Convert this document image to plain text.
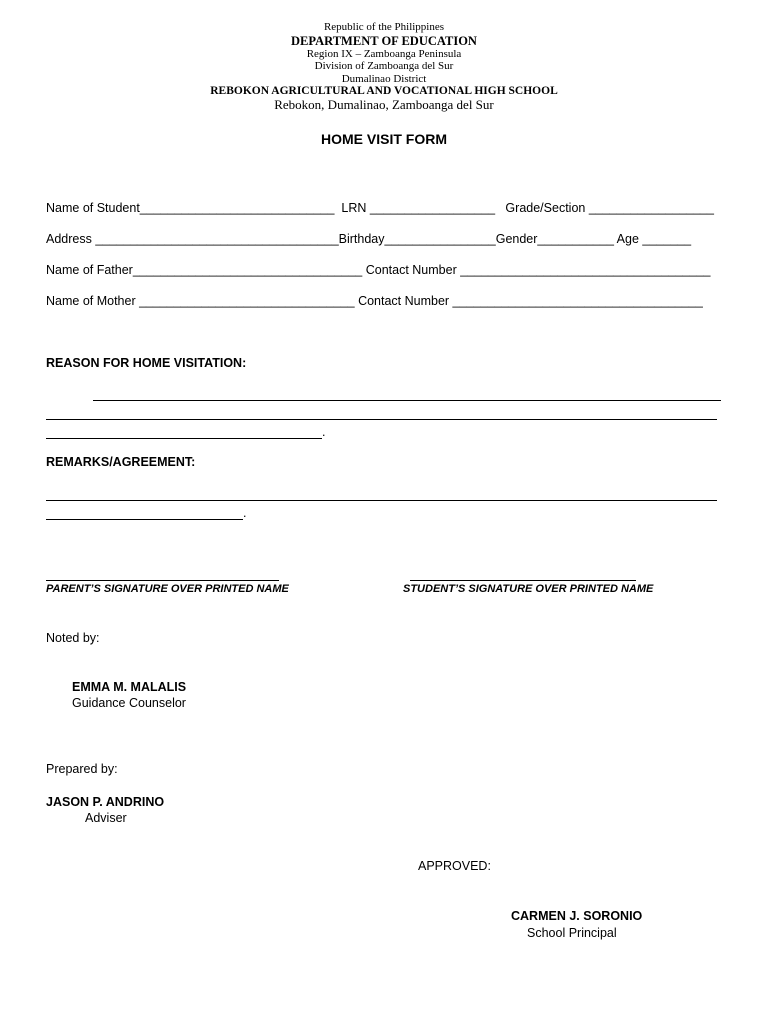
Republic of the Philippines
DEPARTMENT OF EDUCATION
Region IX – Zamboanga Peninsula
Division of Zamboanga del Sur
Dumalinao District
REBOKON AGRICULTURAL AND VOCATIONAL HIGH SCHOOL
Rebokon, Dumalinao, Zamboanga del Sur
HOME VISIT FORM
Name of Student____________________________  LRN __________________   Grade/Section __________________
Address ___________________________________Birthday________________Gender___________ Age _______
Name of Father_________________________________ Contact Number ____________________________________
Name of Mother _______________________________ Contact Number ____________________________________
REASON FOR HOME VISITATION:
.
REMARKS/AGREEMENT:
.
PARENT’S SIGNATURE OVER PRINTED NAME	STUDENT’S SIGNATURE OVER PRINTED NAME
Noted by:
EMMA M. MALALIS
Guidance Counselor
Prepared by:
JASON P. ANDRINO
Adviser
APPROVED:
CARMEN J. SORONIO
School Principal
